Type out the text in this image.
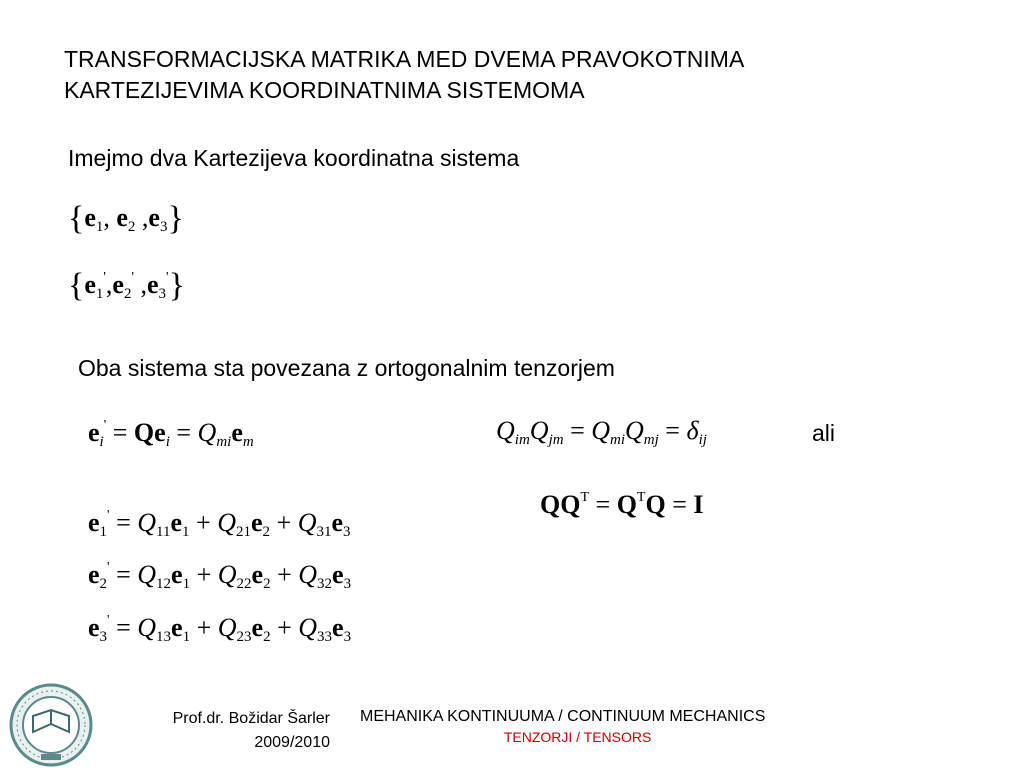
TRANSFORMACIJSKA MATRIKA MED DVEMA PRAVOKOTNIMA
KARTEZIJEVIMA KOORDINATNIMA SISTEMOMA
Imejmo dva Kartezijeva koordinatna sistema
{$e_1$, $e_2$ $,e_3$}
{$e_1',e_2'$ $,e_3'$}
Oba sistema sta povezana z ortogonalnim tenzorjem
$e_i' = Qe_i = Q_{mi}e_m$	$Q_{im}Q_{jm} = Q_{mi}Q_{mj} = \delta_{ij}$	ali
$QQ^T = Q^TQ = I$
$e_1' = Q_{11}e_1 + Q_{21}e_2 + Q_{31}e_3$
$e_2' = Q_{12}e_1 + Q_{22}e_2 + Q_{32}e_3$
$e_3' = Q_{13}e_1 + Q_{23}e_2 + Q_{33}e_3$
Prof.dr. Božidar Šarler
2009/2010
MEHANIKA KONTINUUMA / CONTINUUM MECHANICS
TENZORJI / TENSORS
